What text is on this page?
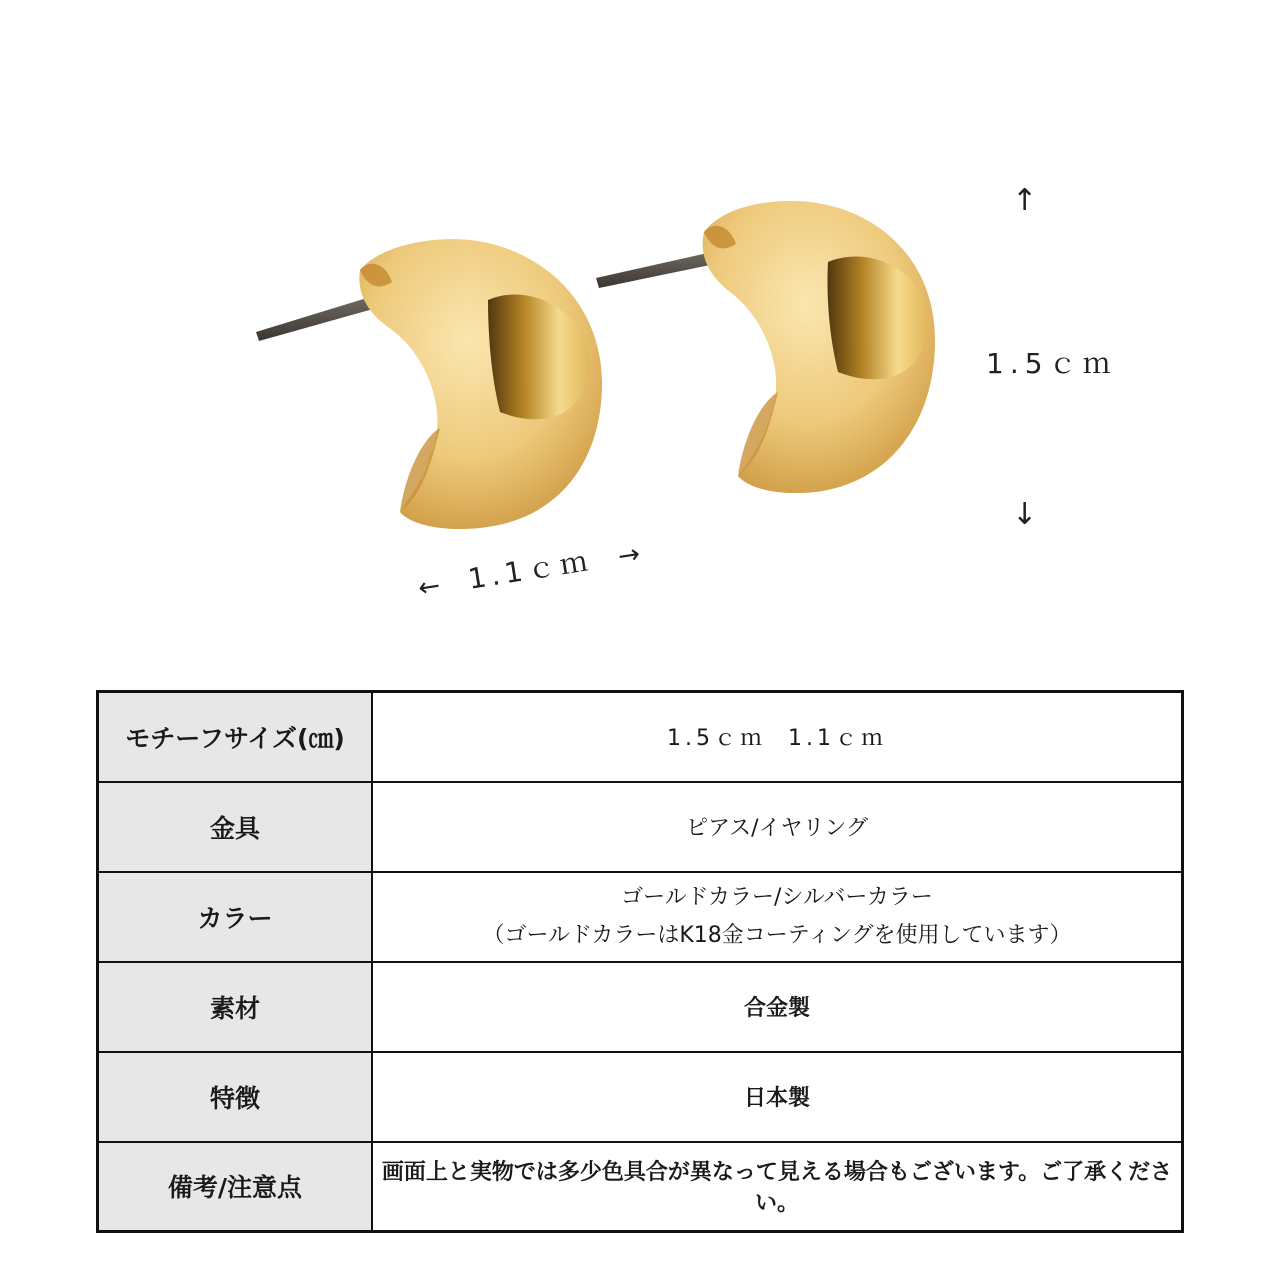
↑
1.5ｃｍ
↓
← 1.1ｃｍ →
モチーフサイズ(㎝)	1.5ｃｍ 1.1ｃｍ
金具	ピアス/イヤリング
カラー	ゴールドカラー/シルバーカラー
（ゴールドカラーはK18金コーティングを使用しています）

素材	合金製
特徴	日本製
備考/注意点	画面上と実物では多少色具合が異なって見える場合もございます。ご了承ください。
